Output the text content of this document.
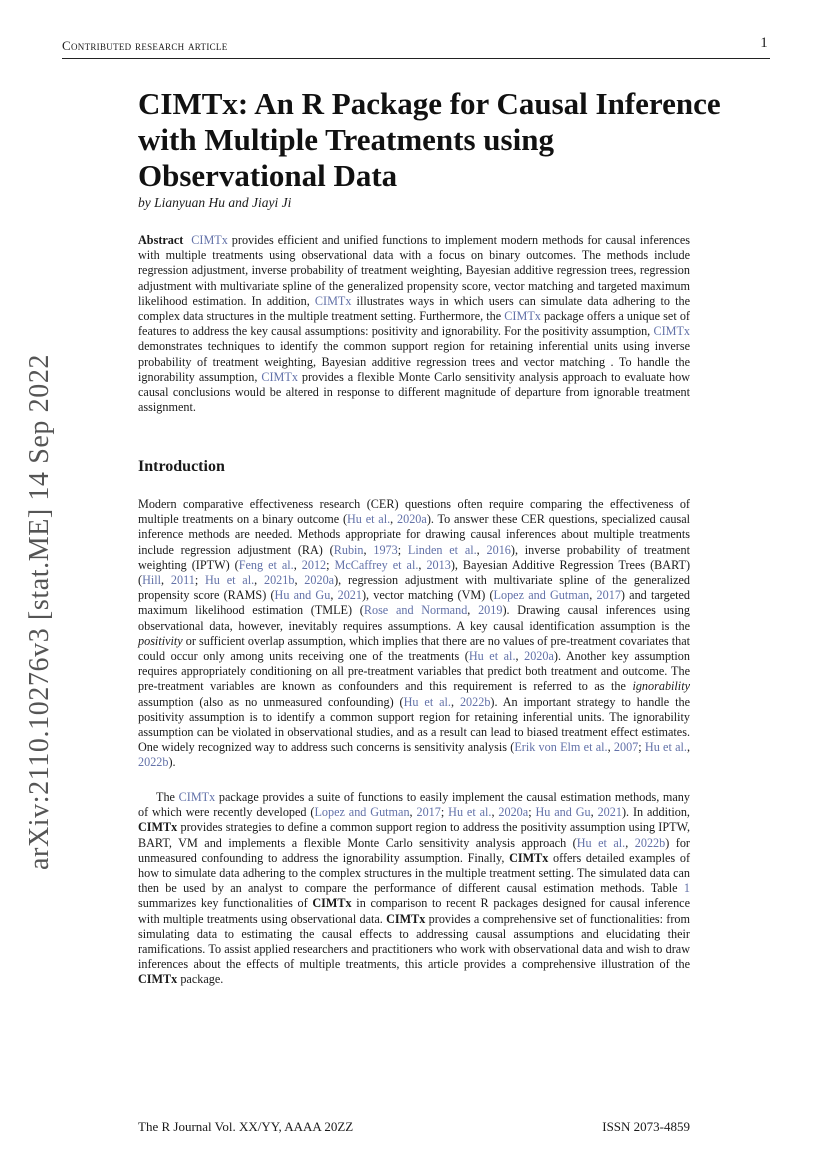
Contributed research article	1
arXiv:2110.10276v3 [stat.ME] 14 Sep 2022
CIMTx: An R Package for Causal Inference with Multiple Treatments using Observational Data
by Lianyuan Hu and Jiayi Ji
Abstract CIMTx provides efficient and unified functions to implement modern methods for causal inferences with multiple treatments using observational data with a focus on binary outcomes. The methods include regression adjustment, inverse probability of treatment weighting, Bayesian additive regression trees, regression adjustment with multivariate spline of the generalized propensity score, vector matching and targeted maximum likelihood estimation. In addition, CIMTx illustrates ways in which users can simulate data adhering to the complex data structures in the multiple treatment setting. Furthermore, the CIMTx package offers a unique set of features to address the key causal assumptions: positivity and ignorability. For the positivity assumption, CIMTx demonstrates techniques to identify the common support region for retaining inferential units using inverse probability of treatment weighting, Bayesian additive regression trees and vector matching . To handle the ignorability assumption, CIMTx provides a flexible Monte Carlo sensitivity analysis approach to evaluate how causal conclusions would be altered in response to different magnitude of departure from ignorable treatment assignment.
Introduction
Modern comparative effectiveness research (CER) questions often require comparing the effectiveness of multiple treatments on a binary outcome (Hu et al., 2020a). To answer these CER questions, specialized causal inference methods are needed. Methods appropriate for drawing causal inferences about multiple treatments include regression adjustment (RA) (Rubin, 1973; Linden et al., 2016), inverse probability of treatment weighting (IPTW) (Feng et al., 2012; McCaffrey et al., 2013), Bayesian Additive Regression Trees (BART) (Hill, 2011; Hu et al., 2021b, 2020a), regression adjustment with multivariate spline of the generalized propensity score (RAMS) (Hu and Gu, 2021), vector matching (VM) (Lopez and Gutman, 2017) and targeted maximum likelihood estimation (TMLE) (Rose and Normand, 2019). Drawing causal inferences using observational data, however, inevitably requires assumptions. A key causal identification assumption is the positivity or sufficient overlap assumption, which implies that there are no values of pre-treatment covariates that could occur only among units receiving one of the treatments (Hu et al., 2020a). Another key assumption requires appropriately conditioning on all pre-treatment variables that predict both treatment and outcome. The pre-treatment variables are known as confounders and this requirement is referred to as the ignorability assumption (also as no unmeasured confounding) (Hu et al., 2022b). An important strategy to handle the positivity assumption is to identify a common support region for retaining inferential units. The ignorability assumption can be violated in observational studies, and as a result can lead to biased treatment effect estimates. One widely recognized way to address such concerns is sensitivity analysis (Erik von Elm et al., 2007; Hu et al., 2022b).
The CIMTx package provides a suite of functions to easily implement the causal estimation methods, many of which were recently developed (Lopez and Gutman, 2017; Hu et al., 2020a; Hu and Gu, 2021). In addition, CIMTx provides strategies to define a common support region to address the positivity assumption using IPTW, BART, VM and implements a flexible Monte Carlo sensitivity analysis approach (Hu et al., 2022b) for unmeasured confounding to address the ignorability assumption. Finally, CIMTx offers detailed examples of how to simulate data adhering to the complex structures in the multiple treatment setting. The simulated data can then be used by an analyst to compare the performance of different causal estimation methods. Table 1 summarizes key functionalities of CIMTx in comparison to recent R packages designed for causal inference with multiple treatments using observational data. CIMTx provides a comprehensive set of functionalities: from simulating data to estimating the causal effects to addressing causal assumptions and elucidating their ramifications. To assist applied researchers and practitioners who work with observational data and wish to draw inferences about the effects of multiple treatments, this article provides a comprehensive illustration of the CIMTx package.
The R Journal Vol. XX/YY, AAAA 20ZZ	ISSN 2073-4859
